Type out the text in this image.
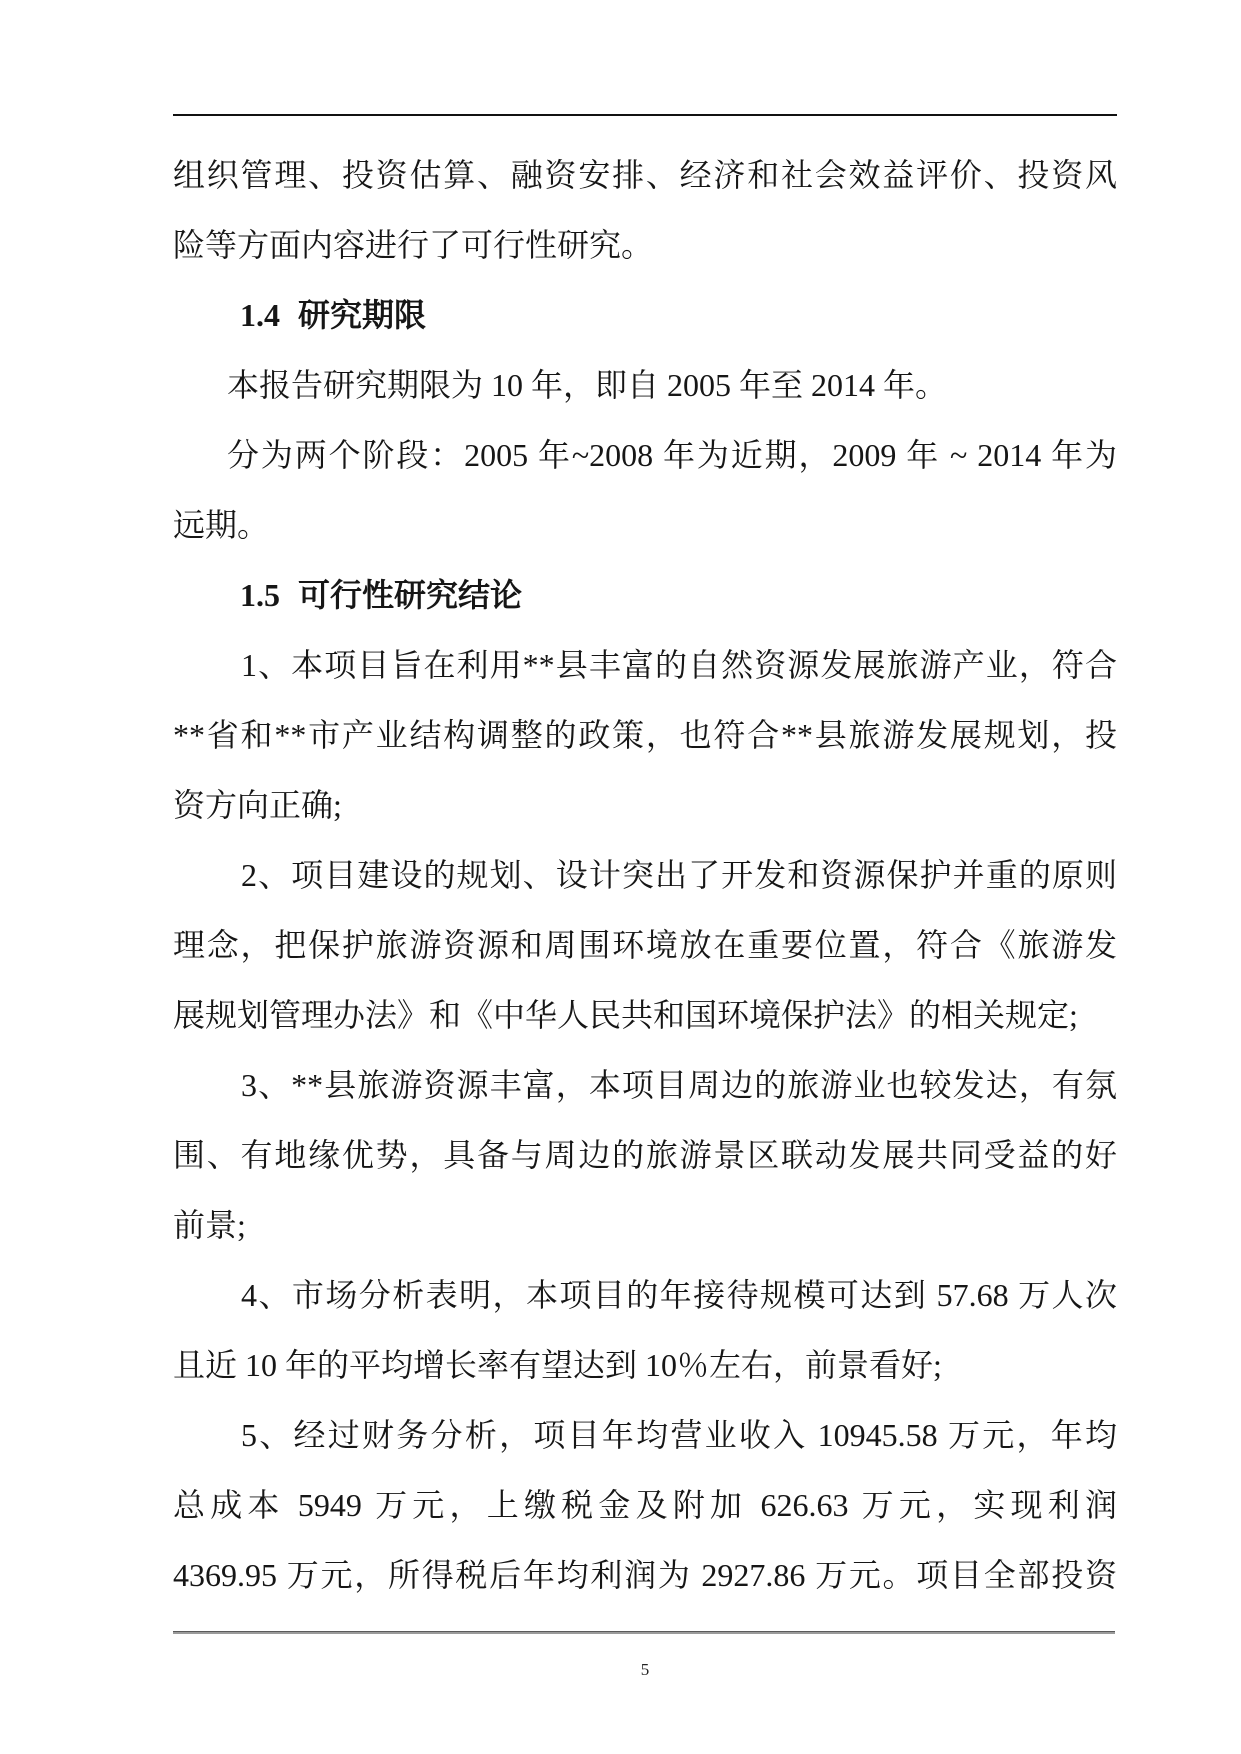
组织管理、投资估算、融资安排、经济和社会效益评价、投资风
险等方面内容进行了可行性研究。
1.4 研究期限
本报告研究期限为 10 年，即自 2005 年至 2014 年。
分为两个阶段：2005 年~2008 年为近期，2009 年 ~ 2014 年为
远期。
1.5 可行性研究结论
1、本项目旨在利用**县丰富的自然资源发展旅游产业，符合
**省和**市产业结构调整的政策，也符合**县旅游发展规划，投
资方向正确;
2、项目建设的规划、设计突出了开发和资源保护并重的原则
理念，把保护旅游资源和周围环境放在重要位置，符合《旅游发
展规划管理办法》和《中华人民共和国环境保护法》的相关规定;
3、**县旅游资源丰富，本项目周边的旅游业也较发达，有氛
围、有地缘优势，具备与周边的旅游景区联动发展共同受益的好
前景;
4、市场分析表明，本项目的年接待规模可达到 57.68 万人次
且近 10 年的平均增长率有望达到 10％左右，前景看好;
5、经过财务分析，项目年均营业收入 10945.58 万元，年均
总成本 5949 万元，上缴税金及附加 626.63 万元，实现利润
4369.95 万元，所得税后年均利润为 2927.86 万元。项目全部投资
5
